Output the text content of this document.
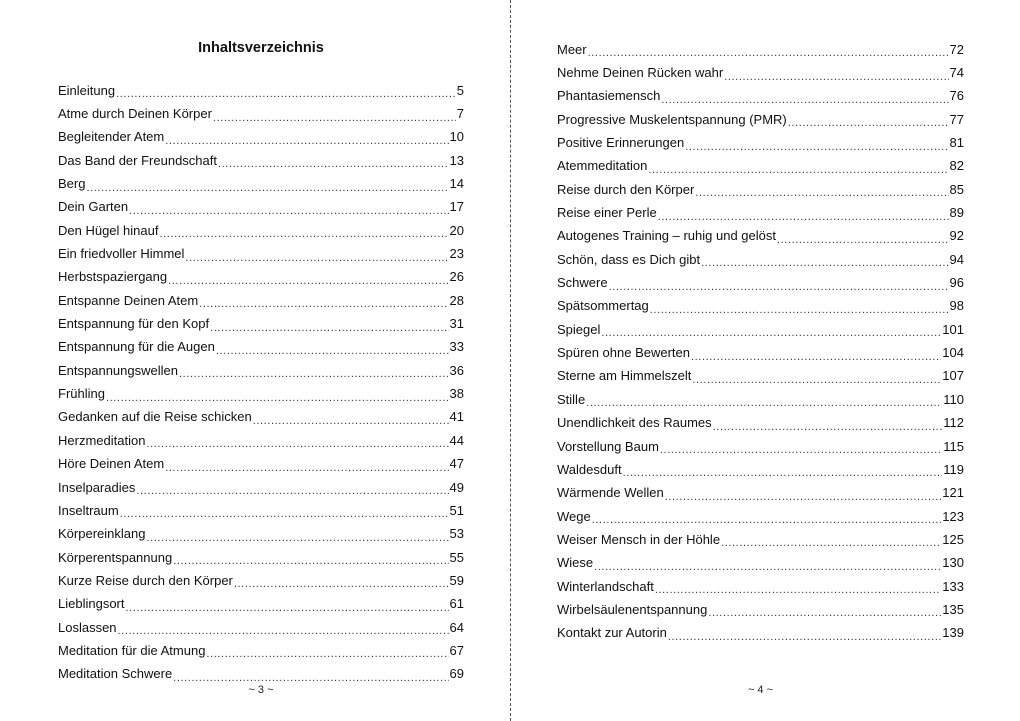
Inhaltsverzeichnis
Einleitung .....	5
Atme durch Deinen Körper .....	7
Begleitender Atem .....	10
Das Band der Freundschaft .....	13
Berg .....	14
Dein Garten .....	17
Den Hügel hinauf .....	20
Ein friedvoller Himmel .....	23
Herbstspaziergang .....	26
Entspanne Deinen Atem .....	28
Entspannung für den Kopf .....	31
Entspannung für die Augen .....	33
Entspannungswellen .....	36
Frühling .....	38
Gedanken auf die Reise schicken .....	41
Herzmeditation .....	44
Höre Deinen Atem .....	47
Inselparadies .....	49
Inseltraum .....	51
Körpereinklang .....	53
Körperentspannung .....	55
Kurze Reise durch den Körper .....	59
Lieblingsort .....	61
Loslassen .....	64
Meditation für die Atmung .....	67
Meditation Schwere .....	69
~ 3 ~
Meer .....	72
Nehme Deinen Rücken wahr .....	74
Phantasiemensch .....	76
Progressive Muskelentspannung (PMR) .....	77
Positive Erinnerungen .....	81
Atemmeditation .....	82
Reise durch den Körper .....	85
Reise einer Perle .....	89
Autogenes Training – ruhig und gelöst .....	92
Schön, dass es Dich gibt .....	94
Schwere .....	96
Spätsommertag .....	98
Spiegel .....	101
Spüren ohne Bewerten .....	104
Sterne am Himmelszelt .....	107
Stille .....	110
Unendlichkeit des Raumes .....	112
Vorstellung Baum .....	115
Waldesduft .....	119
Wärmende Wellen .....	121
Wege .....	123
Weiser Mensch in der Höhle .....	125
Wiese .....	130
Winterlandschaft .....	133
Wirbelsäulenentspannung .....	135
Kontakt zur Autorin .....	139
~ 4 ~
